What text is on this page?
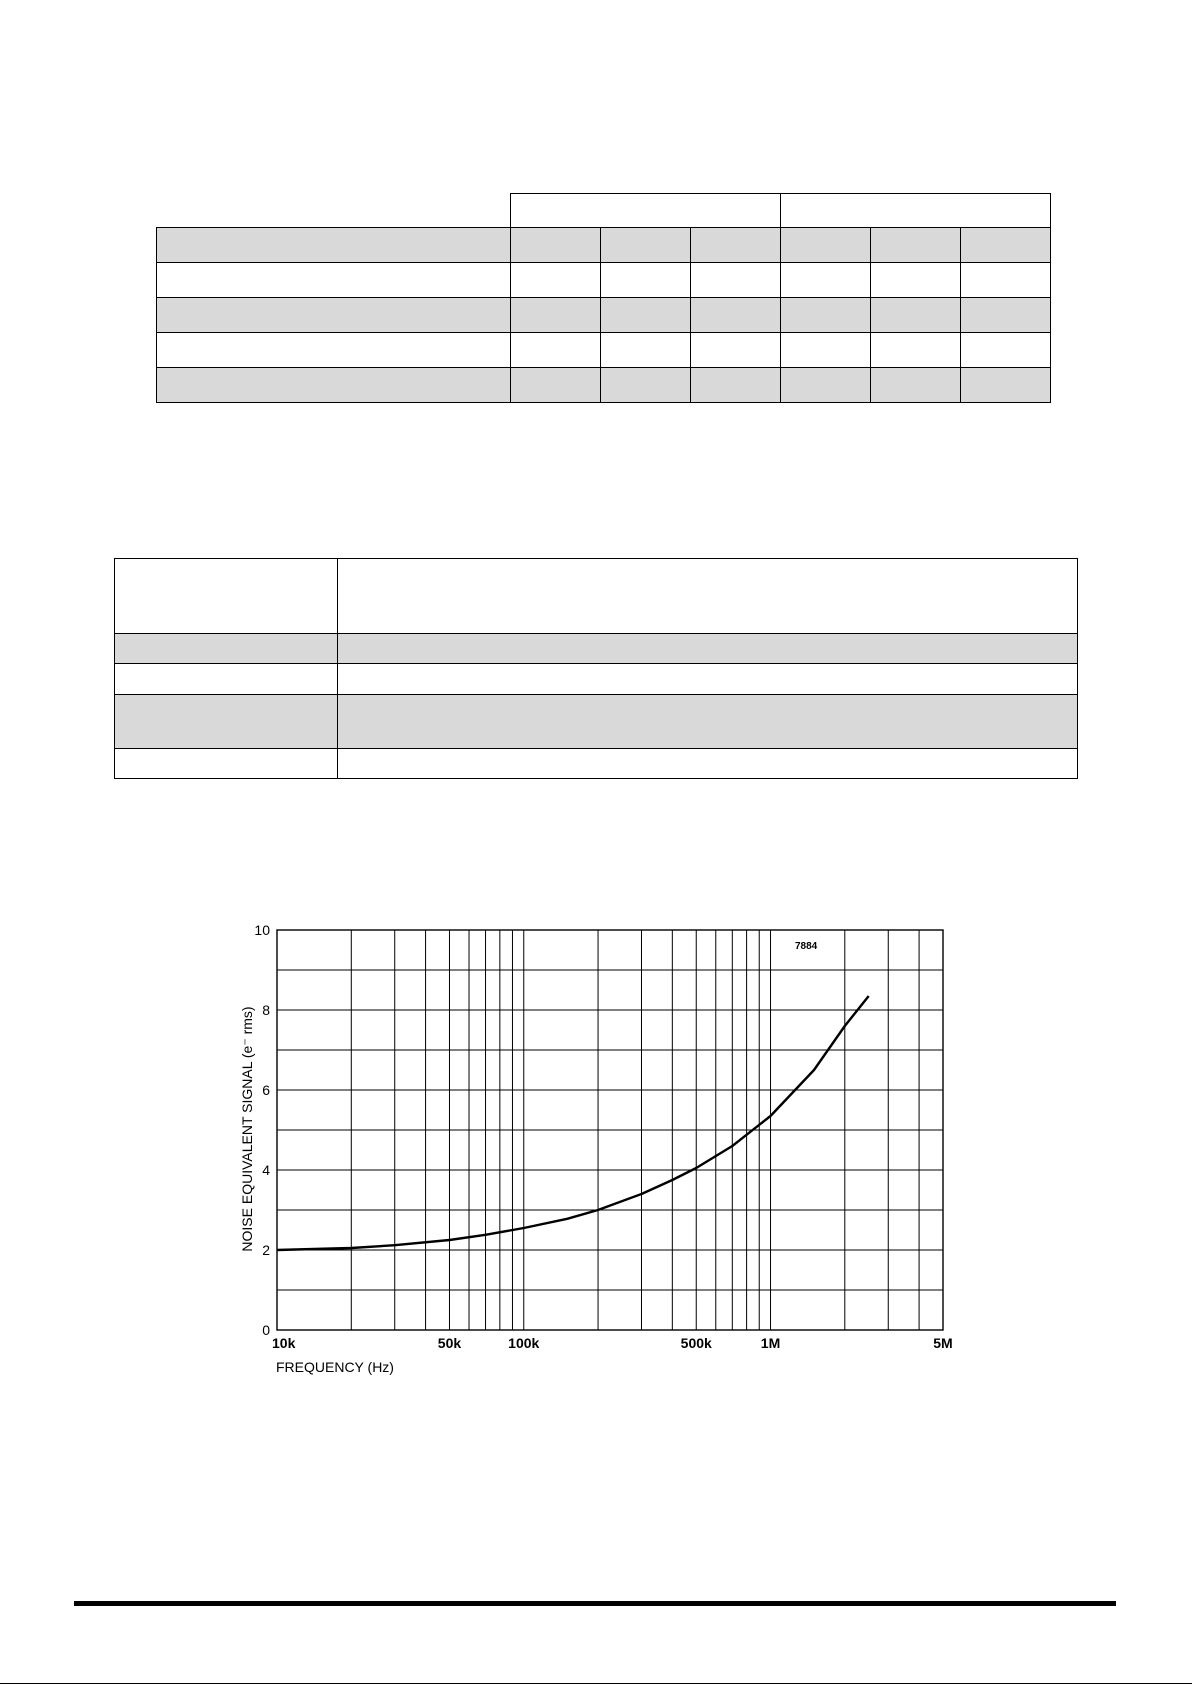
10k	50k	100k	500k	1M	5M
0
2
4
6
8
10
7884
FREQUENCY (Hz)
NOISE EQUIVALENT SIGNAL (e⁻ rms)
